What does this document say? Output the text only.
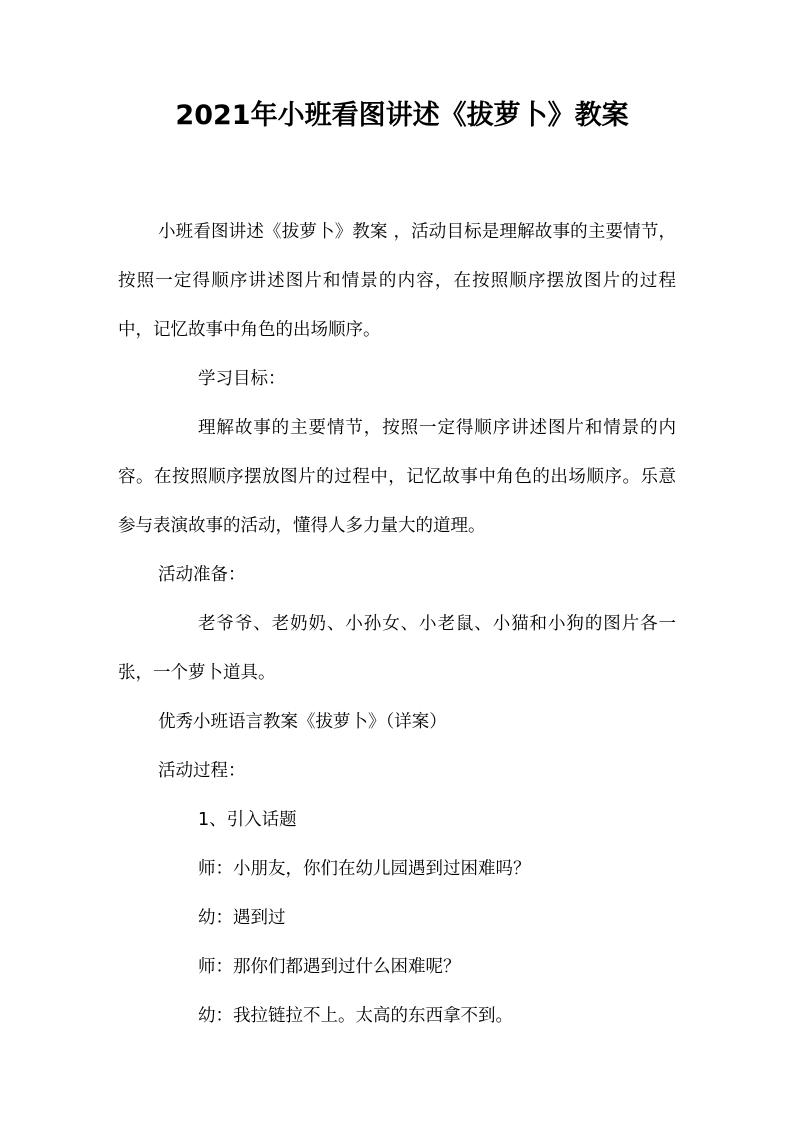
2021年小班看图讲述《拔萝卜》教案

小班看图讲述《拔萝卜》教案 ，活动目标是理解故事的主要情节，按照一定得顺序讲述图片和情景的内容，在按照顺序摆放图片的过程中，记忆故事中角色的出场顺序。

学习目标：

理解故事的主要情节，按照一定得顺序讲述图片和情景的内容。在按照顺序摆放图片的过程中，记忆故事中角色的出场顺序。乐意参与表演故事的活动，懂得人多力量大的道理。

活动准备：

老爷爷、老奶奶、小孙女、小老鼠、小猫和小狗的图片各一张，一个萝卜道具。

优秀小班语言教案《拔萝卜》（详案）

活动过程：

1、引入话题

师：小朋友，你们在幼儿园遇到过困难吗？

幼：遇到过

师：那你们都遇到过什么困难呢？

幼：我拉链拉不上。太高的东西拿不到。
